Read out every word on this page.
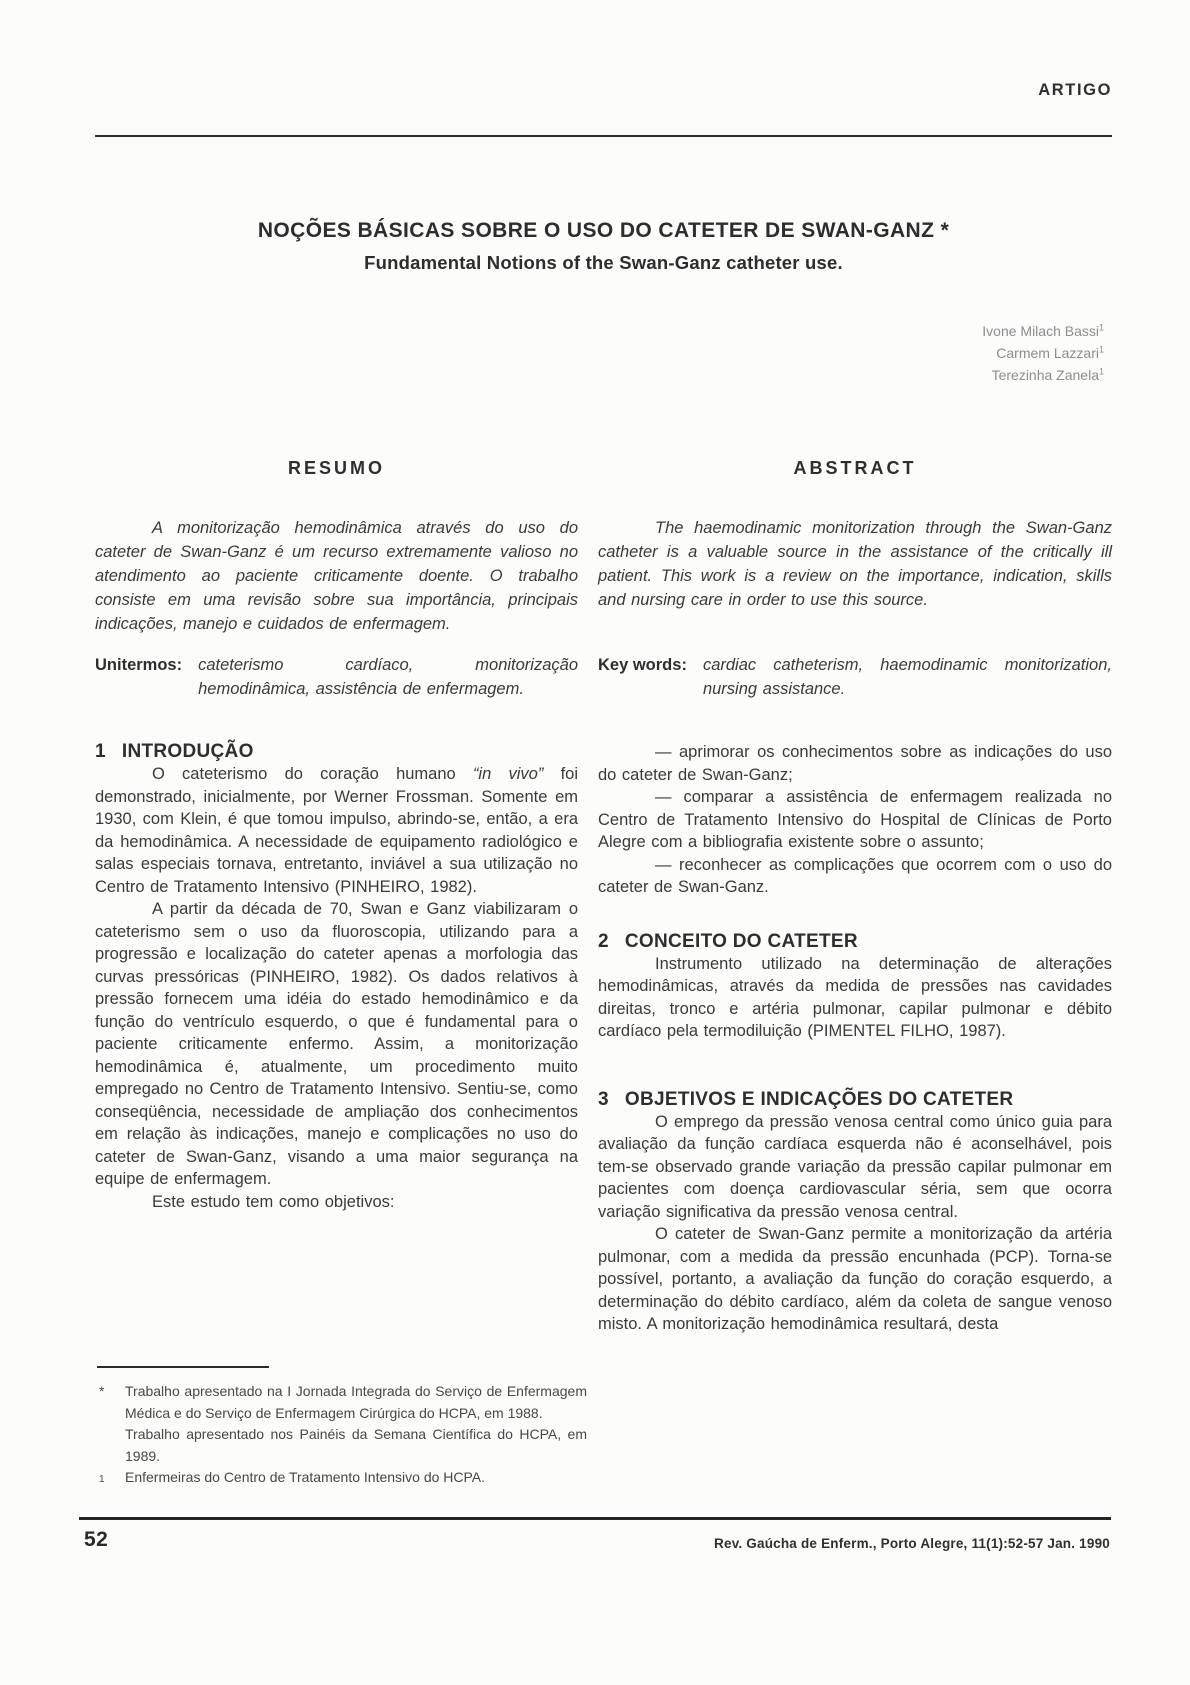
ARTIGO
NOÇÕES BÁSICAS SOBRE O USO DO CATETER DE SWAN-GANZ *
Fundamental Notions of the Swan-Ganz catheter use.
Ivone Milach Bassi$^1$
Carmem Lazzari$^1$
Terezinha Zanela$^1$
RESUMO

A monitorização hemodinâmica através do uso do cateter de Swan-Ganz é um recurso extremamente valioso no atendimento ao paciente criticamente doente. O trabalho consiste em uma revisão sobre sua importância, principais indicações, manejo e cuidados de enfermagem.

Unitermos: cateterismo cardíaco, monitorização hemodinâmica, assistência de enfermagem.
1 INTRODUÇÃO

O cateterismo do coração humano “in vivo” foi demonstrado, inicialmente, por Werner Frossman. Somente em 1930, com Klein, é que tomou impulso, abrindo-se, então, a era da hemodinâmica. A necessidade de equipamento radiológico e salas especiais tornava, entretanto, inviável a sua utilização no Centro de Tratamento Intensivo (PINHEIRO, 1982).

A partir da década de 70, Swan e Ganz viabilizaram o cateterismo sem o uso da fluoroscopia, utilizando para a progressão e localização do cateter apenas a morfologia das curvas pressóricas (PINHEIRO, 1982). Os dados relativos à pressão fornecem uma idéia do estado hemodinâmico e da função do ventrículo esquerdo, o que é fundamental para o paciente criticamente enfermo. Assim, a monitorização hemodinâmica é, atualmente, um procedimento muito empregado no Centro de Tratamento Intensivo. Sentiu-se, como conseqüência, necessidade de ampliação dos conhecimentos em relação às indicações, manejo e complicações no uso do cateter de Swan-Ganz, visando a uma maior segurança na equipe de enfermagem.

Este estudo tem como objetivos:

ABSTRACT

The haemodinamic monitorization through the Swan-Ganz catheter is a valuable source in the assistance of the critically ill patient. This work is a review on the importance, indication, skills and nursing care in order to use this source.

Key words: cardiac catheterism, haemodinamic monitorization, nursing assistance.

— aprimorar os conhecimentos sobre as indicações do uso do cateter de Swan-Ganz;

— comparar a assistência de enfermagem realizada no Centro de Tratamento Intensivo do Hospital de Clínicas de Porto Alegre com a bibliografia existente sobre o assunto;

— reconhecer as complicações que ocorrem com o uso do cateter de Swan-Ganz.

2 CONCEITO DO CATETER

Instrumento utilizado na determinação de alterações hemodinâmicas, através da medida de pressões nas cavidades direitas, tronco e artéria pulmonar, capilar pulmonar e débito cardíaco pela termodiluição (PIMENTEL FILHO, 1987).

3 OBJETIVOS E INDICAÇÕES DO CATETER

O emprego da pressão venosa central como único guia para avaliação da função cardíaca esquerda não é aconselhável, pois tem-se observado grande variação da pressão capilar pulmonar em pacientes com doença cardiovascular séria, sem que ocorra variação significativa da pressão venosa central.

O cateter de Swan-Ganz permite a monitorização da artéria pulmonar, com a medida da pressão encunhada (PCP). Torna-se possível, portanto, a avaliação da função do coração esquerdo, a determinação do débito cardíaco, além da coleta de sangue venoso misto. A monitorização hemodinâmica resultará, desta

*	Trabalho apresentado na I Jornada Integrada do Serviço de Enfermagem Médica e do Serviço de Enfermagem Cirúrgica do HCPA, em 1988.

Trabalho apresentado nos Painéis da Semana Científica do HCPA, em 1989.

1	Enfermeiras do Centro de Tratamento Intensivo do HCPA.

52	Rev. Gaúcha de Enferm., Porto Alegre, 11(1):52-57 Jan. 1990
